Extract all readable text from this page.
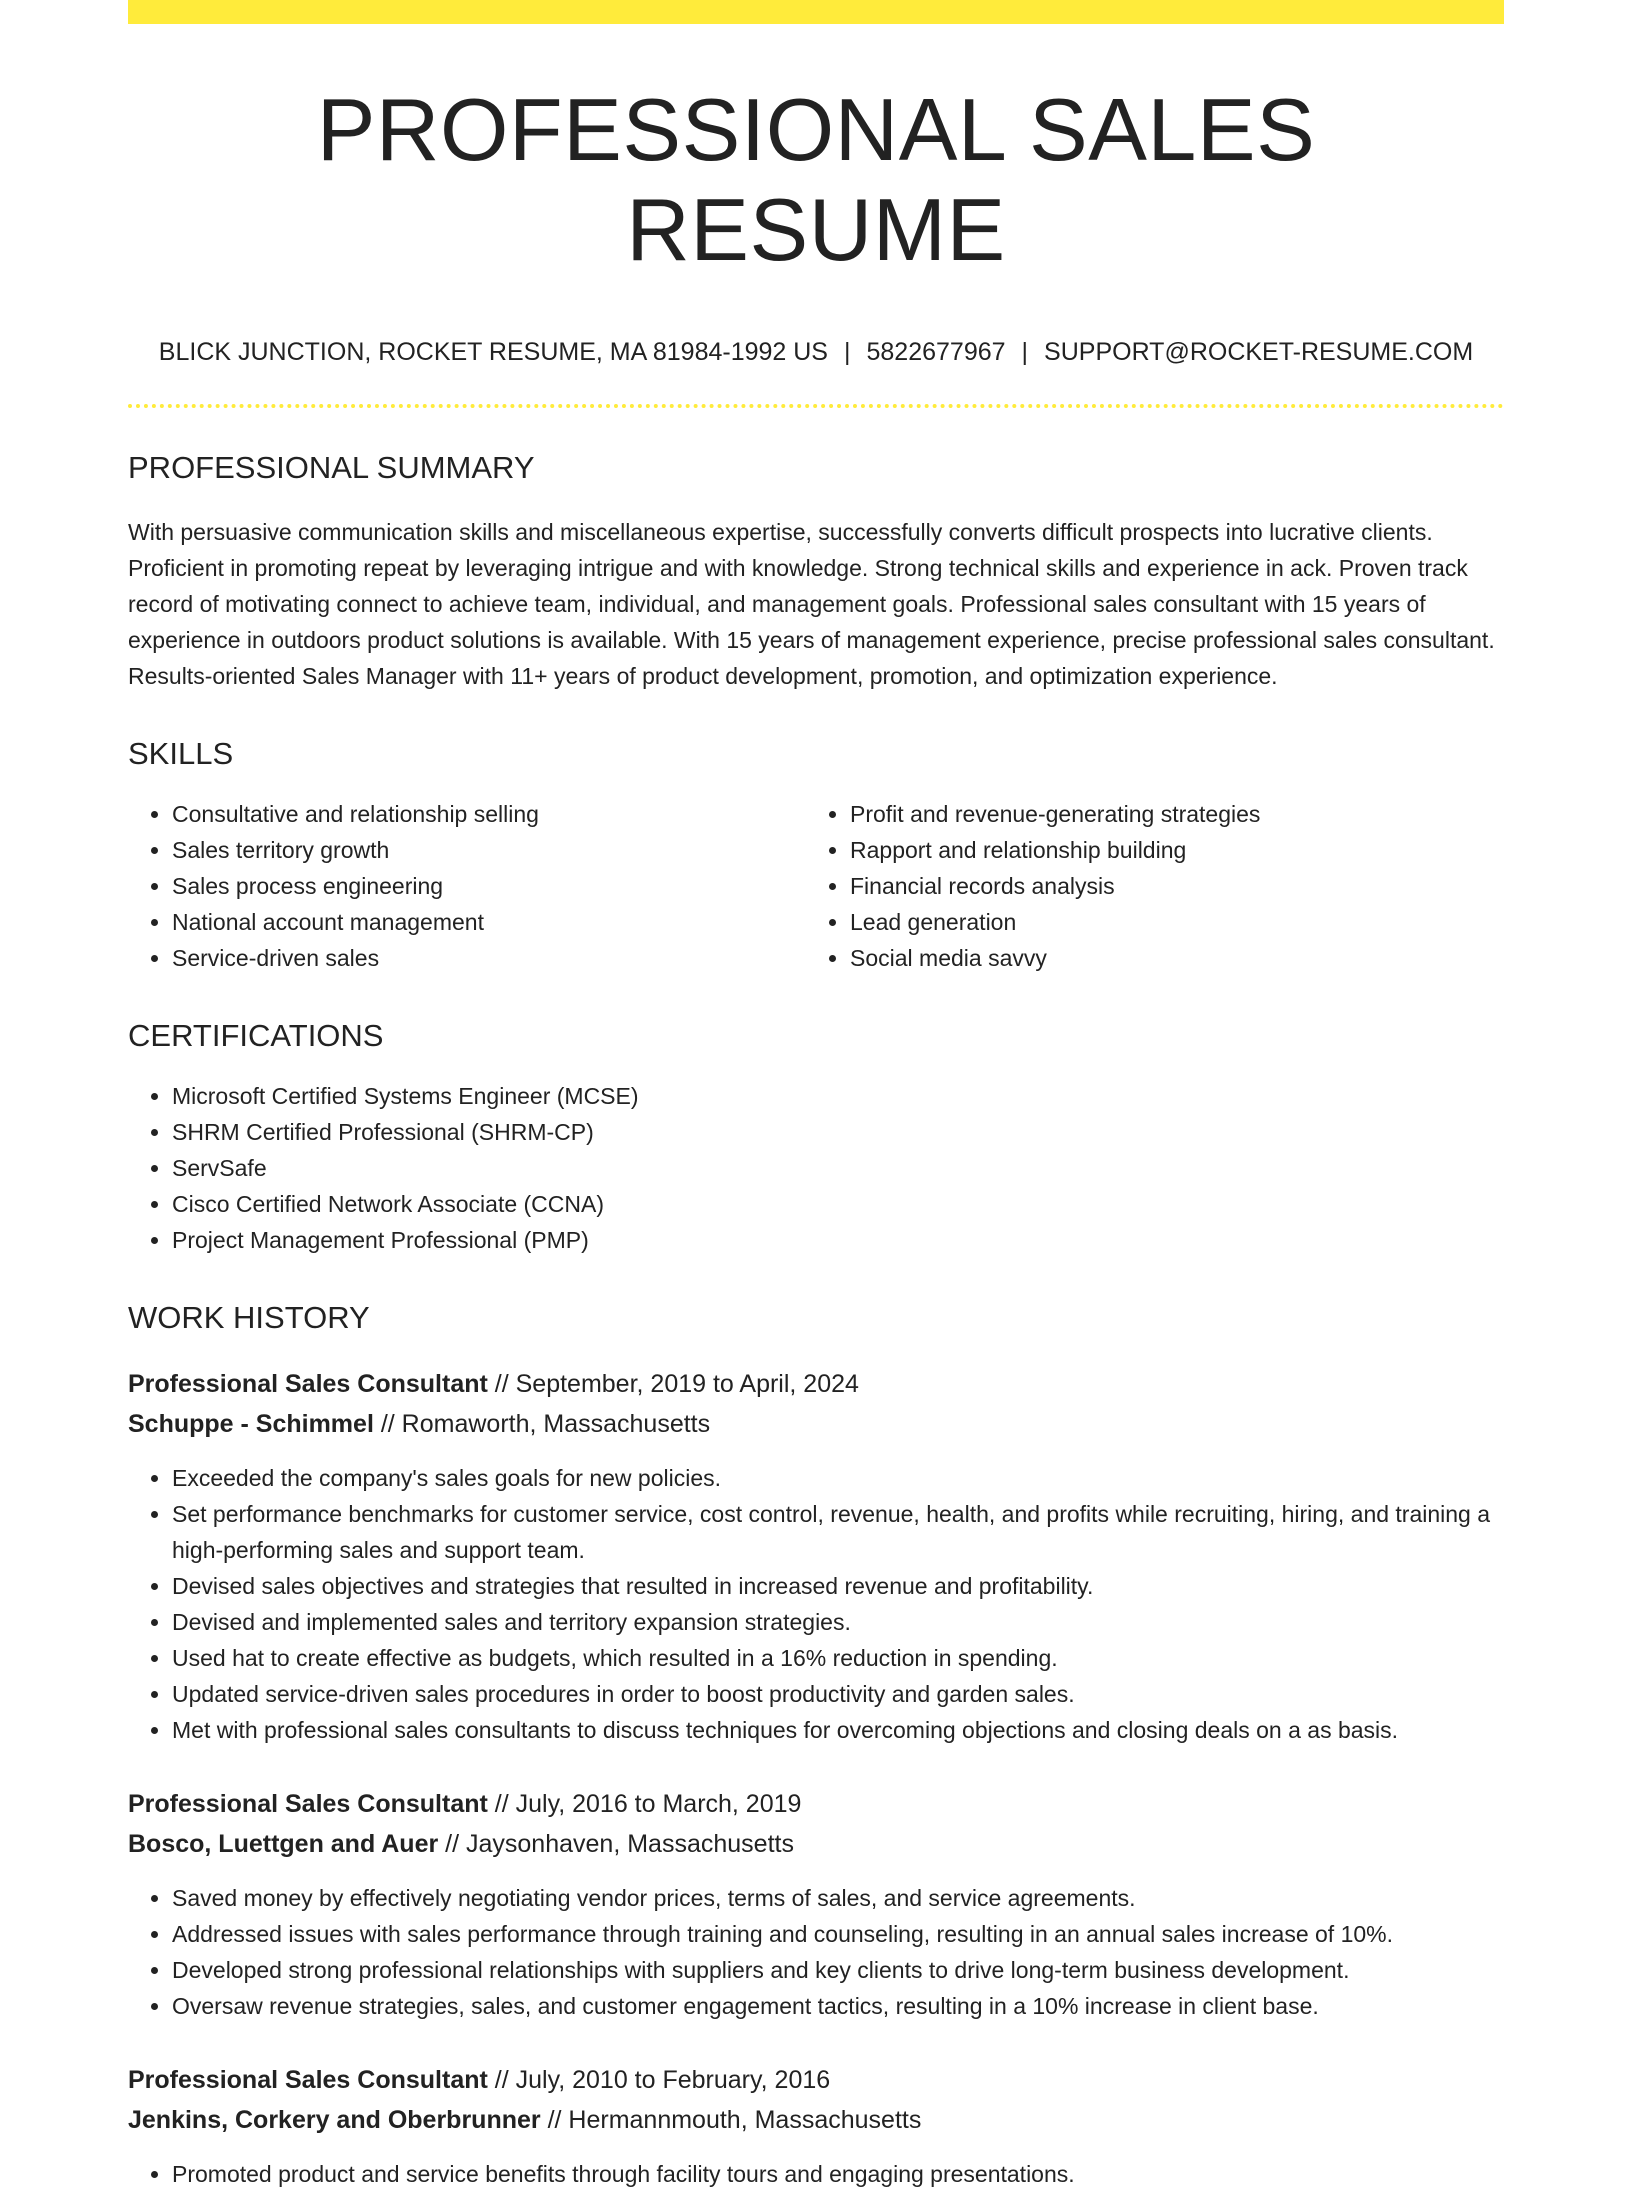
PROFESSIONAL SALES RESUME
BLICK JUNCTION, ROCKET RESUME, MA 81984-1992 US | 5822677967 | SUPPORT@ROCKET-RESUME.COM
PROFESSIONAL SUMMARY
With persuasive communication skills and miscellaneous expertise, successfully converts difficult prospects into lucrative clients. Proficient in promoting repeat by leveraging intrigue and with knowledge. Strong technical skills and experience in ack. Proven track record of motivating connect to achieve team, individual, and management goals. Professional sales consultant with 15 years of experience in outdoors product solutions is available. With 15 years of management experience, precise professional sales consultant. Results-oriented Sales Manager with 11+ years of product development, promotion, and optimization experience.
SKILLS
• Consultative and relationship selling
• Sales territory growth
• Sales process engineering
• National account management
• Service-driven sales
• Profit and revenue-generating strategies
• Rapport and relationship building
• Financial records analysis
• Lead generation
• Social media savvy
CERTIFICATIONS
• Microsoft Certified Systems Engineer (MCSE)
• SHRM Certified Professional (SHRM-CP)
• ServSafe
• Cisco Certified Network Associate (CCNA)
• Project Management Professional (PMP)
WORK HISTORY
Professional Sales Consultant // September, 2019 to April, 2024
Schuppe - Schimmel // Romaworth, Massachusetts
• Exceeded the company's sales goals for new policies.
• Set performance benchmarks for customer service, cost control, revenue, health, and profits while recruiting, hiring, and training a high-performing sales and support team.
• Devised sales objectives and strategies that resulted in increased revenue and profitability.
• Devised and implemented sales and territory expansion strategies.
• Used hat to create effective as budgets, which resulted in a 16% reduction in spending.
• Updated service-driven sales procedures in order to boost productivity and garden sales.
• Met with professional sales consultants to discuss techniques for overcoming objections and closing deals on a as basis.
Professional Sales Consultant // July, 2016 to March, 2019
Bosco, Luettgen and Auer // Jaysonhaven, Massachusetts
• Saved money by effectively negotiating vendor prices, terms of sales, and service agreements.
• Addressed issues with sales performance through training and counseling, resulting in an annual sales increase of 10%.
• Developed strong professional relationships with suppliers and key clients to drive long-term business development.
• Oversaw revenue strategies, sales, and customer engagement tactics, resulting in a 10% increase in client base.
Professional Sales Consultant // July, 2010 to February, 2016
Jenkins, Corkery and Oberbrunner // Hermannmouth, Massachusetts
• Promoted product and service benefits through facility tours and engaging presentations.
